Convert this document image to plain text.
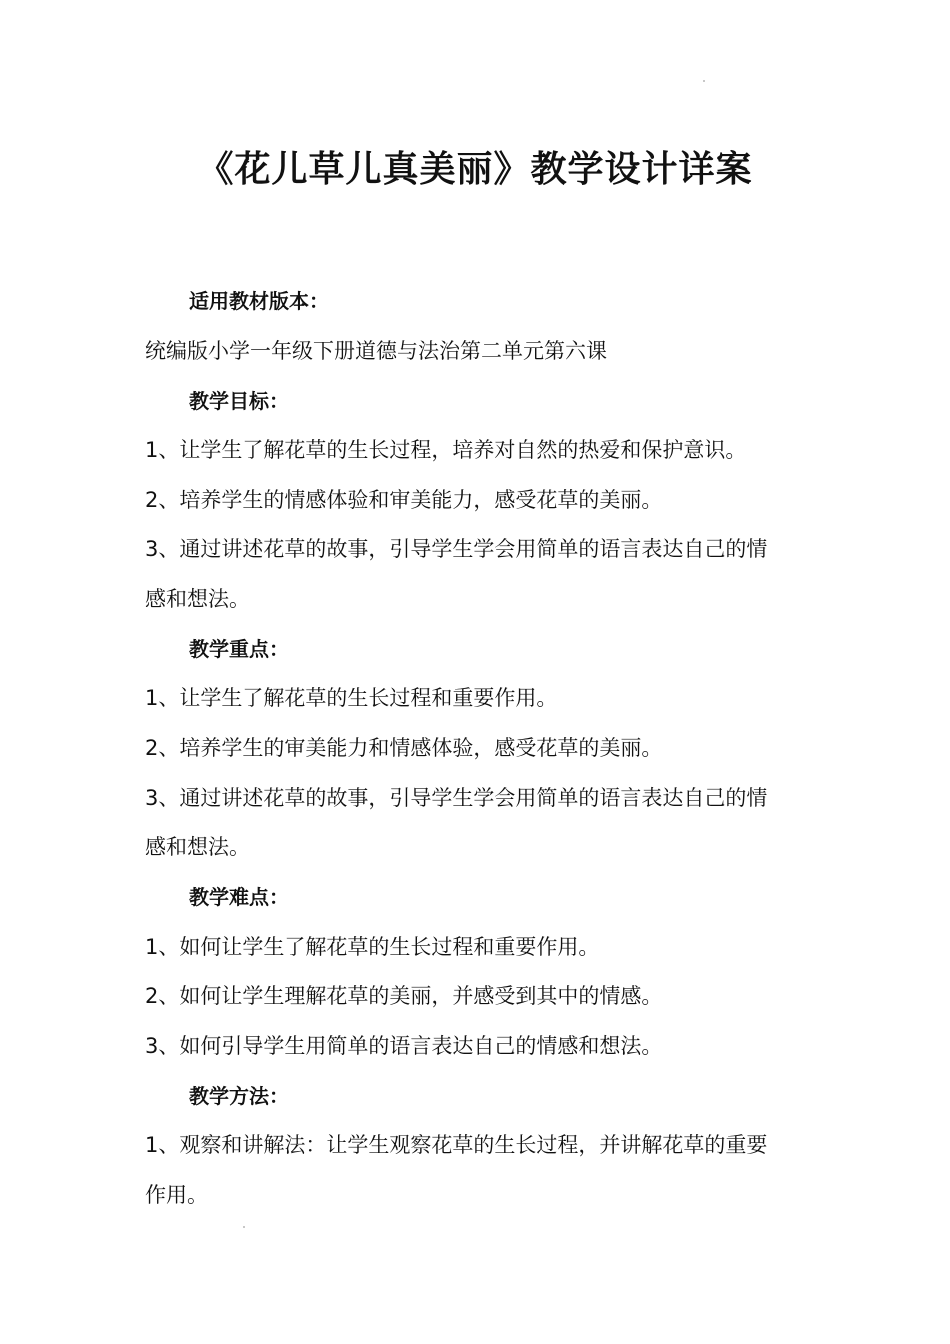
《花儿草儿真美丽》教学设计详案
适用教材版本：
统编版小学一年级下册道德与法治第二单元第六课
教学目标：
1、让学生了解花草的生长过程，培养对自然的热爱和保护意识。
2、培养学生的情感体验和审美能力，感受花草的美丽。
3、通过讲述花草的故事，引导学生学会用简单的语言表达自己的情
感和想法。
教学重点：
1、让学生了解花草的生长过程和重要作用。
2、培养学生的审美能力和情感体验，感受花草的美丽。
3、通过讲述花草的故事，引导学生学会用简单的语言表达自己的情
感和想法。
教学难点：
1、如何让学生了解花草的生长过程和重要作用。
2、如何让学生理解花草的美丽，并感受到其中的情感。
3、如何引导学生用简单的语言表达自己的情感和想法。
教学方法：
1、观察和讲解法：让学生观察花草的生长过程，并讲解花草的重要
作用。
